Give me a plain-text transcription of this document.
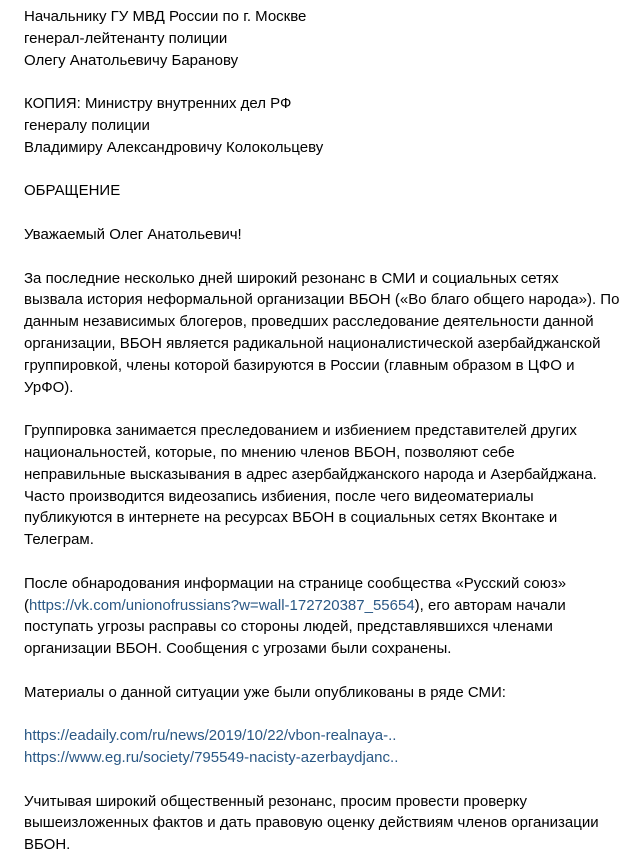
Начальнику ГУ МВД России по г. Москве
генерал-лейтенанту полиции
Олегу Анатольевичу Баранову
КОПИЯ: Министру внутренних дел РФ
генералу полиции
Владимиру Александровичу Колокольцеву
ОБРАЩЕНИЕ
Уважаемый Олег Анатольевич!
За последние несколько дней широкий резонанс в СМИ и социальных сетях
вызвала история неформальной организации ВБОН («Во благо общего народа»). По
данным независимых блогеров, проведших расследование деятельности данной
организации, ВБОН является радикальной националистической азербайджанской
группировкой, члены которой базируются в России (главным образом в ЦФО и
УрФО).
Группировка занимается преследованием и избиением представителей других
национальностей, которые, по мнению членов ВБОН, позволяют себе
неправильные высказывания в адрес азербайджанского народа и Азербайджана.
Часто производится видеозапись избиения, после чего видеоматериалы
публикуются в интернете на ресурсах ВБОН в социальных сетях Вконтаке и
Телеграм.
После обнародования информации на странице сообщества «Русский союз»
(https://vk.com/unionofrussians?w=wall-172720387_55654), его авторам начали
поступать угрозы расправы со стороны людей, представлявшихся членами
организации ВБОН. Сообщения с угрозами были сохранены.
Материалы о данной ситуации уже были опубликованы в ряде СМИ:
https://eadaily.com/ru/news/2019/10/22/vbon-realnaya-..
https://www.eg.ru/society/795549-nacisty-azerbaydjanc..
Учитывая широкий общественный резонанс, просим провести проверку
вышеизложенных фактов и дать правовую оценку действиям членов организации
ВБОН.
